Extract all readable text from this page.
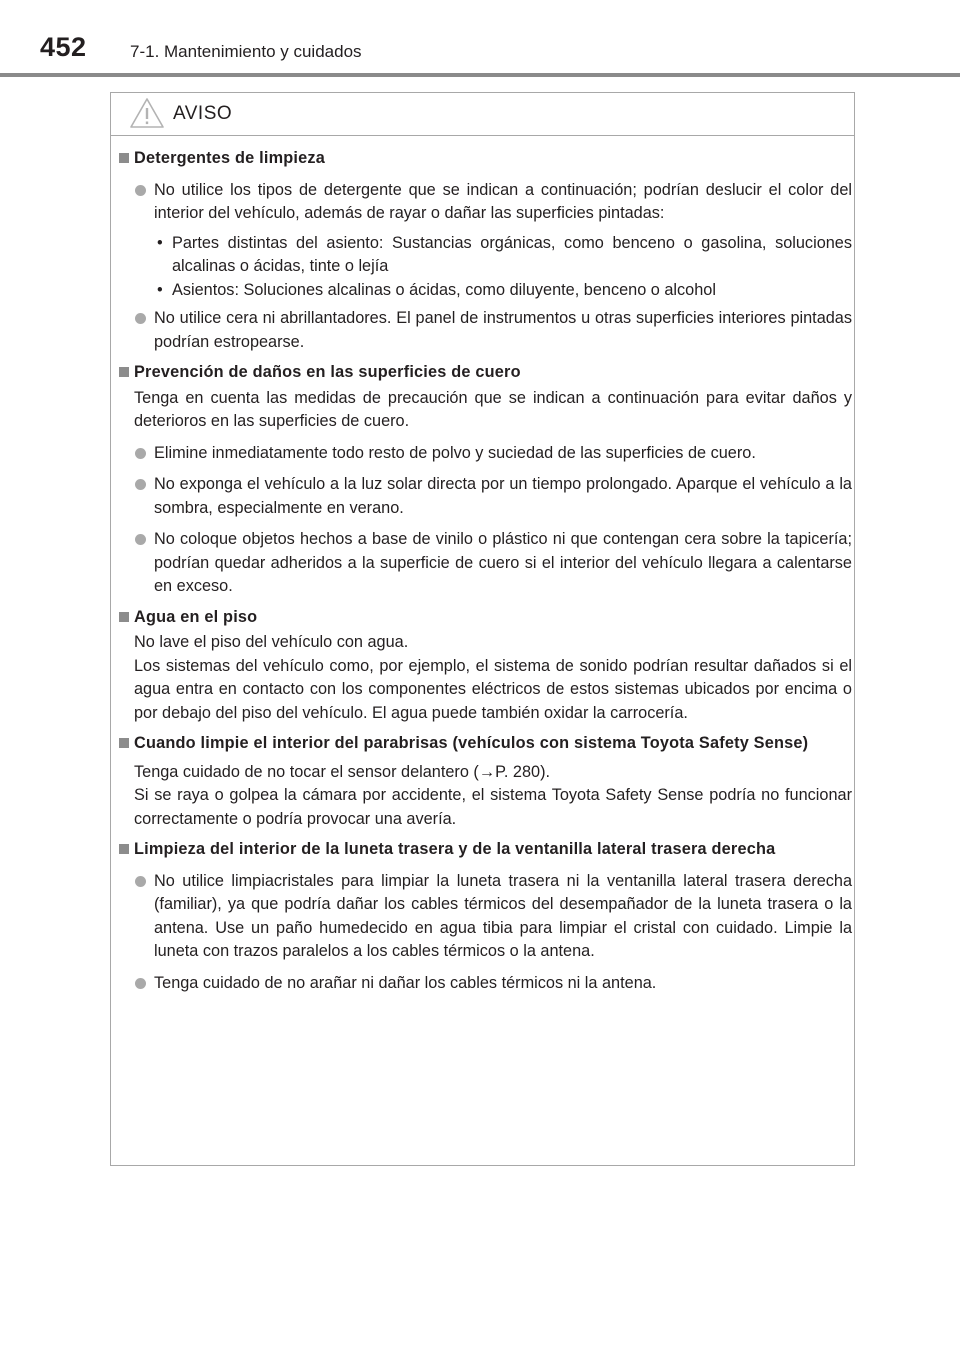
452	7-1. Mantenimiento y cuidados
AVISO
Detergentes de limpieza
No utilice los tipos de detergente que se indican a continuación; podrían deslucir el color del interior del vehículo, además de rayar o dañar las superficies pintadas:
• Partes distintas del asiento: Sustancias orgánicas, como benceno o gasolina, soluciones alcalinas o ácidas, tinte o lejía
• Asientos: Soluciones alcalinas o ácidas, como diluyente, benceno o alcohol
No utilice cera ni abrillantadores. El panel de instrumentos u otras superficies interiores pintadas podrían estropearse.
Prevención de daños en las superficies de cuero
Tenga en cuenta las medidas de precaución que se indican a continuación para evitar daños y deterioros en las superficies de cuero.
Elimine inmediatamente todo resto de polvo y suciedad de las superficies de cuero.
No exponga el vehículo a la luz solar directa por un tiempo prolongado. Aparque el vehículo a la sombra, especialmente en verano.
No coloque objetos hechos a base de vinilo o plástico ni que contengan cera sobre la tapicería; podrían quedar adheridos a la superficie de cuero si el interior del vehículo llegara a calentarse en exceso.
Agua en el piso
No lave el piso del vehículo con agua.
Los sistemas del vehículo como, por ejemplo, el sistema de sonido podrían resultar dañados si el agua entra en contacto con los componentes eléctricos de estos sistemas ubicados por encima o por debajo del piso del vehículo. El agua puede también oxidar la carrocería.
Cuando limpie el interior del parabrisas (vehículos con sistema Toyota Safety Sense)
Tenga cuidado de no tocar el sensor delantero (→P. 280).
Si se raya o golpea la cámara por accidente, el sistema Toyota Safety Sense podría no funcionar correctamente o podría provocar una avería.
Limpieza del interior de la luneta trasera y de la ventanilla lateral trasera derecha
No utilice limpiacristales para limpiar la luneta trasera ni la ventanilla lateral trasera derecha (familiar), ya que podría dañar los cables térmicos del desempañador de la luneta trasera o la antena. Use un paño humedecido en agua tibia para limpiar el cristal con cuidado. Limpie la luneta con trazos paralelos a los cables térmicos o la antena.
Tenga cuidado de no arañar ni dañar los cables térmicos ni la antena.
